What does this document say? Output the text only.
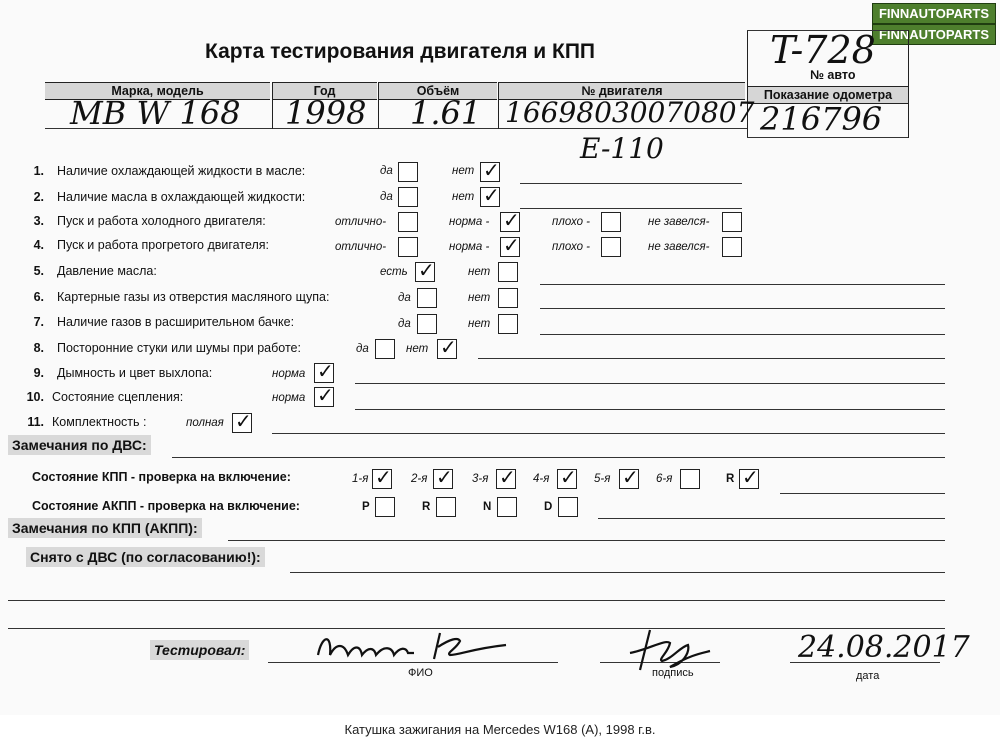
FINNAUTOPARTS
FINNAUTOPARTS
Карта тестирования двигателя и КПП
Марка, модель	Год	Объём	№ двигателя
№ авто
Показание одометра
MB W 168 1998 1.61 16698030070807
T-728
216796
E-110
1. Наличие охлаждающей жидкости в масле:	да	нет ✓
2. Наличие масла в охлаждающей жидкости:	да	нет ✓
3. Пуск и работа холодного двигателя:	отлично-	норма - ✓	плохо -	не завелся-
4. Пуск и работа прогретого двигателя:	отлично-	норма - ✓	плохо -	не завелся-
5. Давление масла:	есть ✓	нет
6. Картерные газы из отверстия масляного щупа:	да	нет
7. Наличие газов в расширительном бачке:	да	нет
8. Посторонние стуки или шумы при работе:	да	нет ✓
9. Дымность и цвет выхлопа:	норма ✓
10. Состояние сцепления:	норма ✓
11. Комплектность :	полная ✓
Замечания по ДВС:
Состояние КПП - проверка на включение:	1-я ✓ 2-я ✓ 3-я ✓ 4-я ✓ 5-я ✓ 6-я	R ✓
Состояние АКПП - проверка на включение:	P	R	N	D
Замечания по КПП (АКПП):
Снято с ДВС (по согласованию!):
Тестировал:
ФИО	подпись	дата
24.08.2017
Катушка зажигания на Mercedes W168 (A), 1998 г.в.
